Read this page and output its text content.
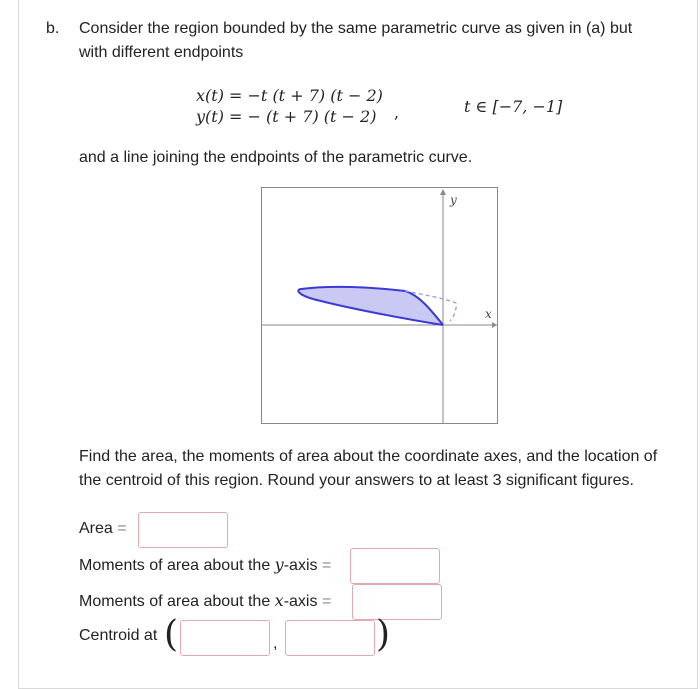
b. Consider the region bounded by the same parametric curve as given in (a) but
with different endpoints
x(t) = −t (t + 7) (t − 2)
y(t) = − (t + 7) (t − 2) ,	t ∈ [−7, −1]
and a line joining the endpoints of the parametric curve.
y
x
Find the area, the moments of area about the coordinate axes, and the location of
the centroid of this region. Round your answers to at least 3 significant figures.
Area =
Moments of area about the y-axis =
Moments of area about the x-axis =
Centroid at (	,	)
